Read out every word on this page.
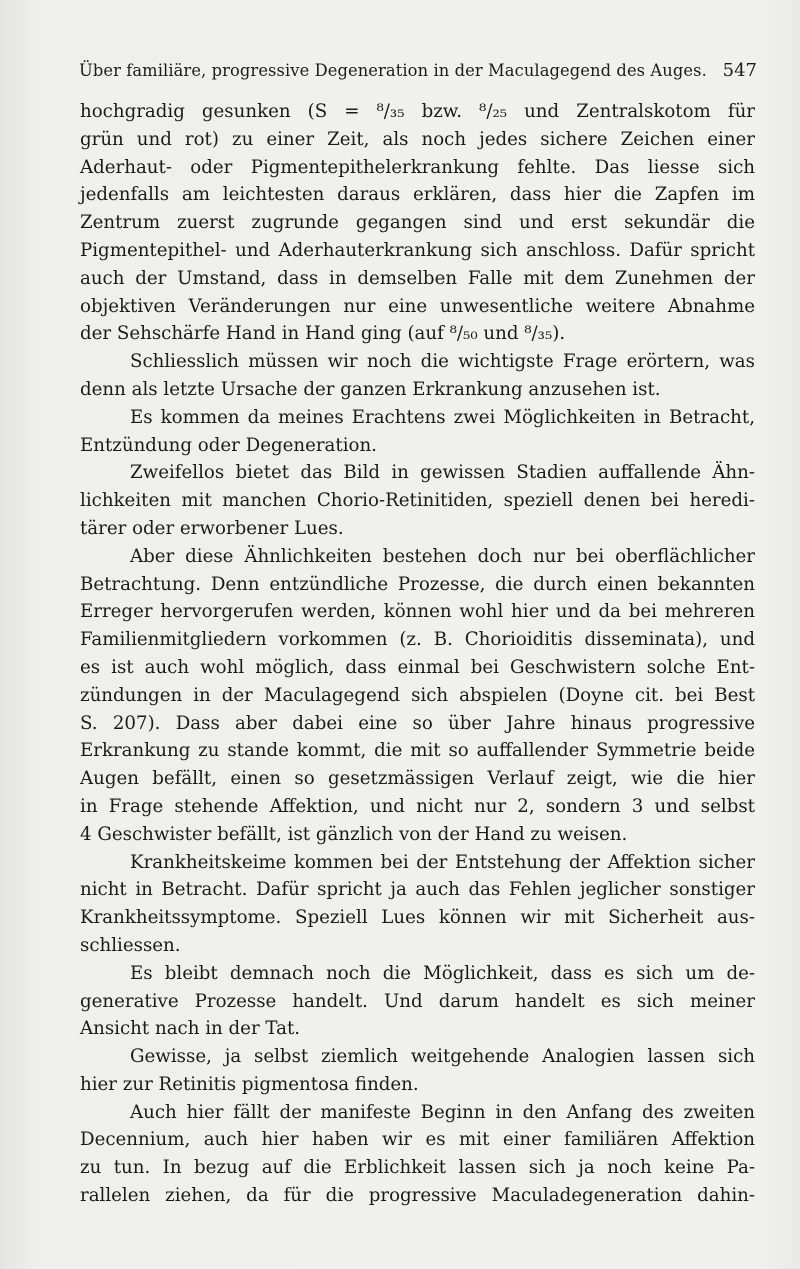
Über familiäre, progressive Degeneration in der Maculagegend des Auges. 547
hochgradig gesunken (S = ⁸/₃₅ bzw. ⁸/₂₅ und Zentralskotom für
grün und rot) zu einer Zeit, als noch jedes sichere Zeichen einer
Aderhaut- oder Pigmentepithelerkrankung fehlte. Das liesse sich
jedenfalls am leichtesten daraus erklären, dass hier die Zapfen im
Zentrum zuerst zugrunde gegangen sind und erst sekundär die
Pigmentepithel- und Aderhauterkrankung sich anschloss. Dafür spricht
auch der Umstand, dass in demselben Falle mit dem Zunehmen der
objektiven Veränderungen nur eine unwesentliche weitere Abnahme
der Sehschärfe Hand in Hand ging (auf ⁸/₅₀ und ⁸/₃₅).
Schliesslich müssen wir noch die wichtigste Frage erörtern, was
denn als letzte Ursache der ganzen Erkrankung anzusehen ist.
Es kommen da meines Erachtens zwei Möglichkeiten in Betracht,
Entzündung oder Degeneration.
Zweifellos bietet das Bild in gewissen Stadien auffallende Ähn-
lichkeiten mit manchen Chorio-Retinitiden, speziell denen bei heredi-
tärer oder erworbener Lues.
Aber diese Ähnlichkeiten bestehen doch nur bei oberflächlicher
Betrachtung. Denn entzündliche Prozesse, die durch einen bekannten
Erreger hervorgerufen werden, können wohl hier und da bei mehreren
Familienmitgliedern vorkommen (z. B. Chorioiditis disseminata), und
es ist auch wohl möglich, dass einmal bei Geschwistern solche Ent-
zündungen in der Maculagegend sich abspielen (Doyne cit. bei Best
S. 207). Dass aber dabei eine so über Jahre hinaus progressive
Erkrankung zu stande kommt, die mit so auffallender Symmetrie beide
Augen befällt, einen so gesetzmässigen Verlauf zeigt, wie die hier
in Frage stehende Affektion, und nicht nur 2, sondern 3 und selbst
4 Geschwister befällt, ist gänzlich von der Hand zu weisen.
Krankheitskeime kommen bei der Entstehung der Affektion sicher
nicht in Betracht. Dafür spricht ja auch das Fehlen jeglicher sonstiger
Krankheitssymptome. Speziell Lues können wir mit Sicherheit aus-
schliessen.
Es bleibt demnach noch die Möglichkeit, dass es sich um de-
generative Prozesse handelt. Und darum handelt es sich meiner
Ansicht nach in der Tat.
Gewisse, ja selbst ziemlich weitgehende Analogien lassen sich
hier zur Retinitis pigmentosa finden.
Auch hier fällt der manifeste Beginn in den Anfang des zweiten
Decennium, auch hier haben wir es mit einer familiären Affektion
zu tun. In bezug auf die Erblichkeit lassen sich ja noch keine Pa-
rallelen ziehen, da für die progressive Maculadegeneration dahin-
